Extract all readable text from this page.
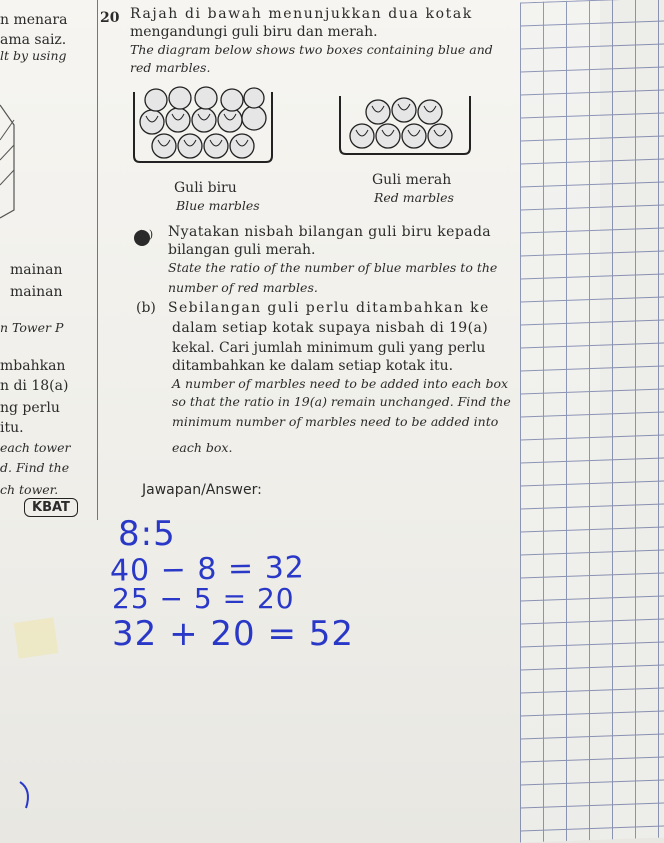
n menara
ama saiz.
lt by using
mainan
mainan
n Tower P
mbahkan
n di 18(a)
ng perlu
itu.
each tower
d. Find the
ch tower.
KBAT
20 Rajah di bawah menunjukkan dua kotak
mengandungi guli biru dan merah.
The diagram below shows two boxes containing blue and
red marbles.
Guli biru
Blue marbles
Guli merah
Red marbles
(a) Nyatakan nisbah bilangan guli biru kepada
bilangan guli merah.
State the ratio of the number of blue marbles to the
number of red marbles.
(b) Sebilangan guli perlu ditambahkan ke
dalam setiap kotak supaya nisbah di 19(a)
kekal. Cari jumlah minimum guli yang perlu
ditambahkan ke dalam setiap kotak itu.
A number of marbles need to be added into each box
so that the ratio in 19(a) remain unchanged. Find the
minimum number of marbles need to be added into
each box.
Jawapan/Answer:
8:5
40 − 8 = 32
25 − 5 = 20
32 + 20 = 52
